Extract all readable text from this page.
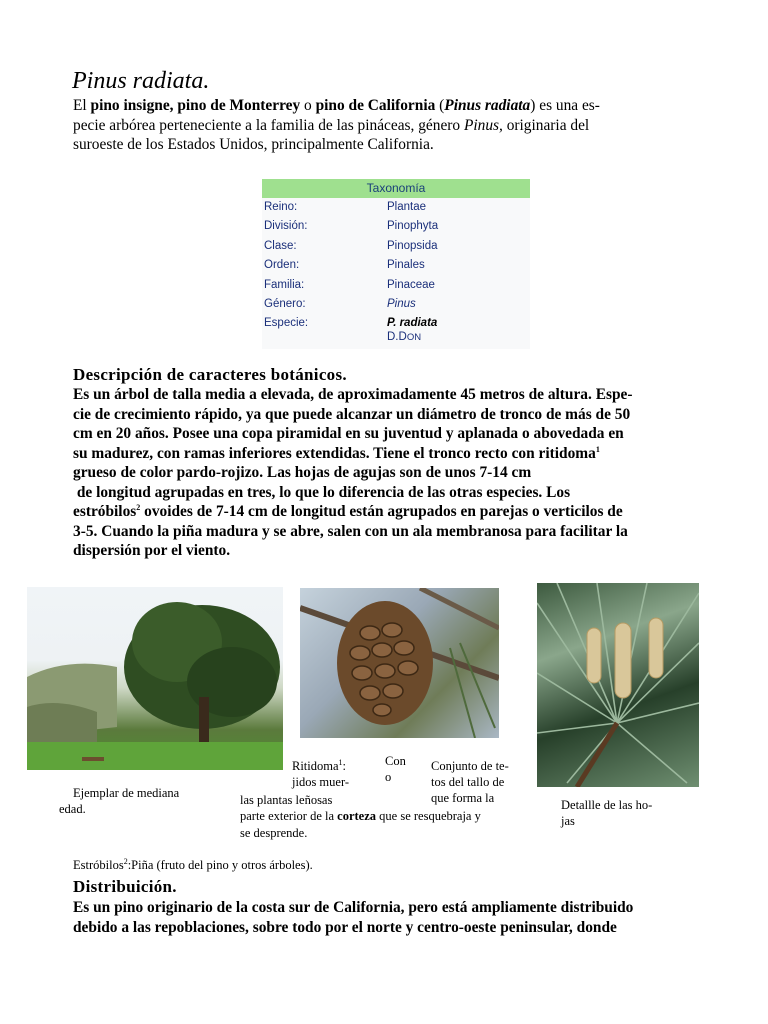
Pinus radiata.
El pino insigne, pino de Monterrey o pino de California (Pinus radiata) es una es-
pecie arbórea perteneciente a la familia de las pináceas, género Pinus, originaria del
suroeste de los Estados Unidos, principalmente California.
Taxonomía
Reino:	Plantae
División:	Pinophyta
Clase:	Pinopsida
Orden:	Pinales
Familia:	Pinaceae
Género:	Pinus
Especie:	P. radiata
D.DON
Descripción de caracteres botánicos.
Es un árbol de talla media a elevada, de aproximadamente 45 metros de altura. Espe-
cie de crecimiento rápido, ya que puede alcanzar un diámetro de tronco de más de 50
cm en 20 años. Posee una copa piramidal en su juventud y aplanada o abovedada en
su madurez, con ramas inferiores extendidas. Tiene el tronco recto con ritidoma$^1$
grueso de color pardo-rojizo. Las hojas de agujas son de unos 7-14 cm
de longitud agrupadas en tres, lo que lo diferencia de las otras especies. Los
estróbilos$^2$ ovoides de 7-14 cm de longitud están agrupados en parejas o verticilos de
3-5. Cuando la piña madura y se abre, salen con un ala membranosa para facilitar la
dispersión por el viento.
Ejemplar de mediana
edad.
Ritidoma$^1$:
jidos muer-
las plantas leñosas
parte exterior de la corteza que se resquebraja y
se desprende.
Con
o
Conjunto de te-
tos del tallo de
que forma la	Detallle de las ho-
jas
Estróbilos$^2$:Piña (fruto del pino y otros árboles).
Distribuición.
Es un pino originario de la costa sur de California, pero está ampliamente distribuido
debido a las repoblaciones, sobre todo por el norte y centro-oeste peninsular, donde
